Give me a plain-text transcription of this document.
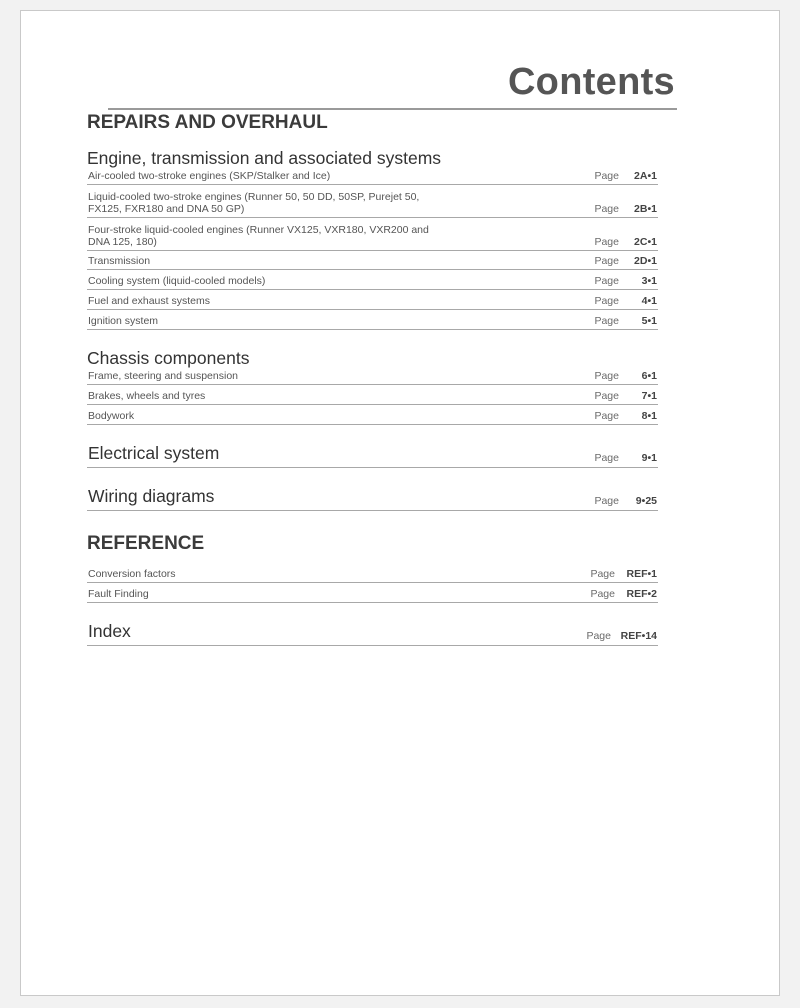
Contents
REPAIRS AND OVERHAUL
Engine, transmission and associated systems
Air-cooled two-stroke engines (SKP/Stalker and Ice)	Page 2A•1
Liquid-cooled two-stroke engines (Runner 50, 50 DD, 50SP, Purejet 50, FX125, FXR180 and DNA 50 GP)	Page 2B•1
Four-stroke liquid-cooled engines (Runner VX125, VXR180, VXR200 and DNA 125, 180)	Page 2C•1
Transmission	Page 2D•1
Cooling system (liquid-cooled models)	Page 3•1
Fuel and exhaust systems	Page 4•1
Ignition system	Page 5•1
Chassis components
Frame, steering and suspension	Page 6•1
Brakes, wheels and tyres	Page 7•1
Bodywork	Page 8•1
Electrical system	Page 9•1
Wiring diagrams	Page 9•25
REFERENCE
Conversion factors	Page REF•1
Fault Finding	Page REF•2
Index	Page REF•14
